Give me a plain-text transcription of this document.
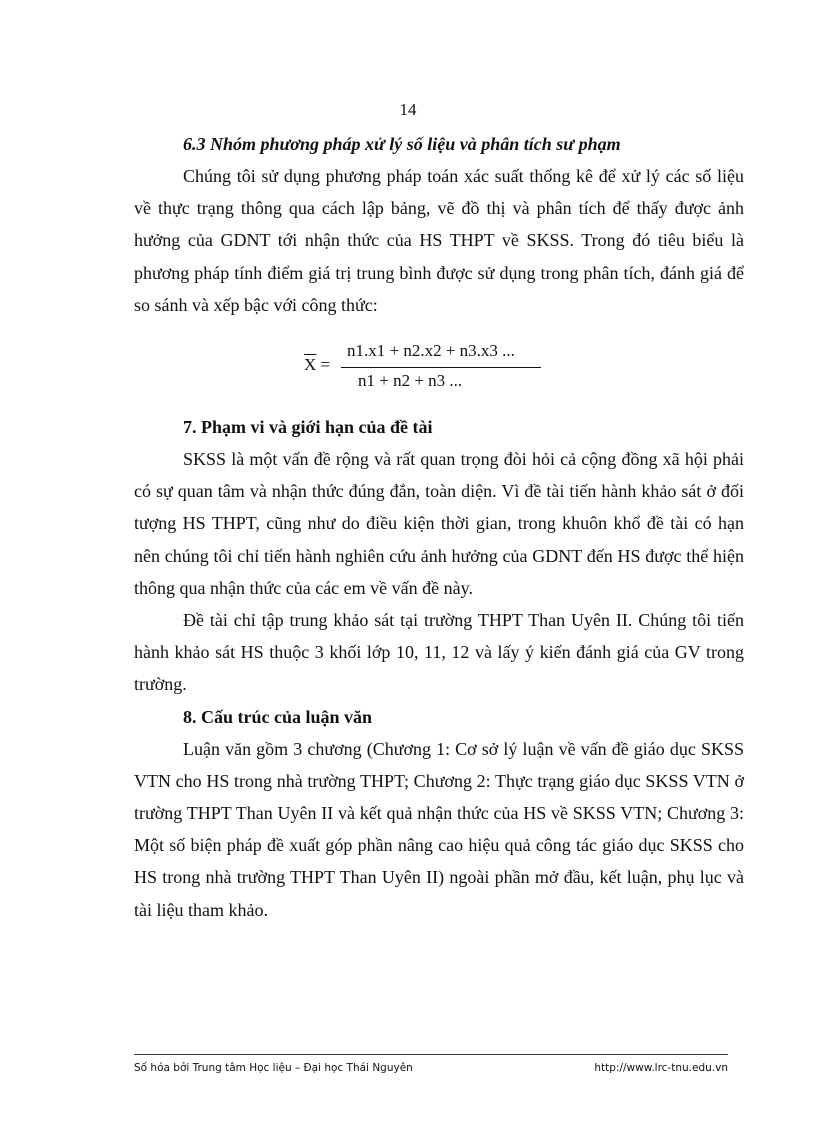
14

6.3 Nhóm phương pháp xử lý số liệu và phân tích sư phạm

Chúng tôi sử dụng phương pháp toán xác suất thống kê để xử lý các số liệu về thực trạng thông qua cách lập bảng, vẽ đồ thị và phân tích để thấy được ảnh hưởng của GDNT tới nhận thức của HS THPT về SKSS. Trong đó tiêu biểu là phương pháp tính điểm giá trị trung bình được sử dụng trong phân tích, đánh giá để so sánh và xếp bậc với công thức:

$\overline{X}$ =
n1.x1 + n2.x2 + n3.x3 ...
n1 + n2 + n3 ...

7. Phạm vi và giới hạn của đề tài

SKSS là một vấn đề rộng và rất quan trọng đòi hỏi cả cộng đồng xã hội phải có sự quan tâm và nhận thức đúng đắn, toàn diện. Vì đề tài tiến hành khảo sát ở đối tượng HS THPT, cũng như do điều kiện thời gian, trong khuôn khổ đề tài có hạn nên chúng tôi chỉ tiến hành nghiên cứu ảnh hưởng của GDNT đến HS được thể hiện thông qua nhận thức của các em về vấn đề này.

Đề tài chỉ tập trung khảo sát tại trường THPT Than Uyên II. Chúng tôi tiến hành khảo sát HS thuộc 3 khối lớp 10, 11, 12 và lấy ý kiến đánh giá của GV trong trường.

8. Cấu trúc của luận văn

Luận văn gồm 3 chương (Chương 1: Cơ sở lý luận về vấn đề giáo dục SKSS VTN cho HS trong nhà trường THPT; Chương 2: Thực trạng giáo dục SKSS VTN ở trường THPT Than Uyên II và kết quả nhận thức của HS về SKSS VTN; Chương 3: Một số biện pháp đề xuất góp phần nâng cao hiệu quả công tác giáo dục SKSS cho HS trong nhà trường THPT Than Uyên II) ngoài phần mở đầu, kết luận, phụ lục và tài liệu tham khảo.

Số hóa bởi Trung tâm Học liệu – Đại học Thái Nguyên	http://www.lrc-tnu.edu.vn
